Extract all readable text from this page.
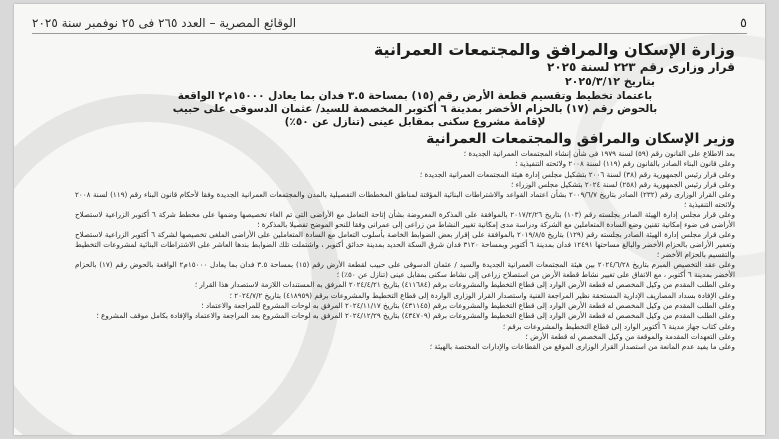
٥
الوقائع المصرية – العدد ٢٦٥ فى ٢٥ نوفمبر سنة ٢٠٢٥
وزارة الإسكان والمرافق والمجتمعات العمرانية
قرار وزارى رقم ٢٢٣ لسنة ٢٠٢٥
بتاريخ ٢٠٢٥/٣/١٢
باعتماد تخطيط وتقسيم قطعة الأرض رقم (١٥) بمساحة ٣.٥ فدان بما يعادل ١٥٠٠٠م٢ الواقعة
بالحوض رقم (١٧) بالحزام الأخضر بمدينة ٦ أكتوبر المخصصة للسيد/ عثمان الدسوقى على حبيب
لإقامة مشروع سكنى بمقابل عينى (تنازل عن ٥٠٪)
وزير الإسكان والمرافق والمجتمعات العمرانية

بعد الاطلاع على القانون رقم (٥٩) لسنة ١٩٧٩ فى شأن إنشاء المجتمعات العمرانية الجديدة ؛

وعلى قانون البناء الصادر بالقانون رقم (١١٩) لسنة ٢٠٠٨ ولائحته التنفيذية ؛

وعلى قرار رئيس الجمهورية رقم (٣٨) لسنة ٢٠٠٦ بتشكيل مجلس إدارة هيئة المجتمعات العمرانية الجديدة ؛

وعلى قرار رئيس الجمهورية رقم (٢٥٨) لسنة ٢٠٢٤ بتشكيل مجلس الوزراء ؛

وعلى القرار الوزارى رقم (٢٣٢) الصادر بتاريخ ٢٠٠٩/٦/٧ بشأن اعتماد القواعد والاشتراطات البنائية المؤقتة لمناطق المخططات التفصيلية بالمدن والمجتمعات العمرانية الجديدة وفقا لأحكام قانون البناء رقم (١١٩) لسنة ٢٠٠٨ ولائحته التنفيذية ؛

وعلى قرار مجلس إدارة الهيئة الصادر بجلسته رقم (١٠٣) بتاريخ ٢٠١٧/٢/٢٦ بالموافقة على المذكرة المعروضة بشأن إتاحة التعامل مع الأراضى التى تم الغاء تخصيصها وضمها على مخطط شركة ٦ أكتوبر الزراعية لاستصلاح الأراضى فى ضوء إمكانية تقنين وضع السادة المتعاملين مع الشركة ودراسة مدى إمكانية تغيير النشاط من زراعى إلى عمرانى وفقا للنحو الموضح تفصيلا بالمذكرة ؛

وعلى قرار مجلس إدارة الهيئة الصادر بجلسته رقم (١٢٩) بتاريخ ٢٠١٩/٨/٥ بالموافقة على إقرار بعض الضوابط الخاصة بأسلوب التعامل مع السادة المتعاملين على الأراضى الملغى تخصيصها لشركة ٦ أكتوبر الزراعية لاستصلاح وتعمير الأراضى بالحزام الأخضر والبالغ مساحتها ١٢٤٩١ فدان بمدينة ٦ أكتوبر وبمساحة ٣١٢٠ فدان شرق السكة الحديد بمدينة حدائق أكتوبر ، واشتملت تلك الضوابط بندها العاشر على الاشتراطات البنائية لمشروعات التخطيط والتقسيم بالحزام الأخضر ؛

وعلى عقد التخصيص المبرم بتاريخ ٢٠٢٤/٦/٢٨ بين هيئة المجتمعات العمرانية الجديدة والسيد / عثمان الدسوقى على حبيب لقطعة الأرض رقم (١٥) بمساحة ٣.٥ فدان بما يعادل ١٥٠٠٠م٢ الواقعة بالحوض رقم (١٧) بالحزام الأخضر بمدينة ٦ أكتوبر ، مع الاتفاق على تغيير نشاط قطعة الأرض من استصلاح زراعى إلى نشاط سكنى بمقابل عينى (تنازل عن ٥٠٪) ؛

وعلى الطلب المقدم من وكيل المخصص له قطعة الأرض الوارد إلى قطاع التخطيط والمشروعات برقم (٤١١٦٨٤) بتاريخ ٢٠٢٤/٤/٢١ المرفق به المستندات اللازمة لاستصدار هذا القرار ؛

وعلى الإفادة بسداد المصاريف الإدارية المستحقة نظير المراجعة الفنية واستصدار القرار الوزارى الواردة إلى قطاع التخطيط والمشروعات برقم (٤١٨٩٥٩) بتاريخ ٢٠٢٤/٧/٢ ؛

وعلى الطلب المقدم من وكيل المخصص له قطعة الأرض الوارد إلى قطاع التخطيط والمشروعات برقم (٤٣١١٤٥) بتاريخ ٢٠٢٤/١١/١٧ المرفق به لوحات المشروع للمراجعة والاعتماد ؛

وعلى الطلب المقدم من وكيل المخصص له قطعة الأرض الوارد إلى قطاع التخطيط والمشروعات برقم (٤٣٤٧٠٩) بتاريخ ٢٠٢٤/١٢/٢٩ المرفق به لوحات المشروع بعد المراجعة والاعتماد والإفادة بكامل موقف المشروع ؛

وعلى كتاب جهاز مدينة ٦ أكتوبر الوارد إلى قطاع التخطيط والمشروعات برقم ؛

وعلى التعهدات المقدمة والموقعة من وكيل المخصص له قطعة الأرض ؛

وعلى ما يفيد عدم المانعة من استصدار القرار الوزارى الموقع من القطاعات والإدارات المختصة بالهيئة ؛
